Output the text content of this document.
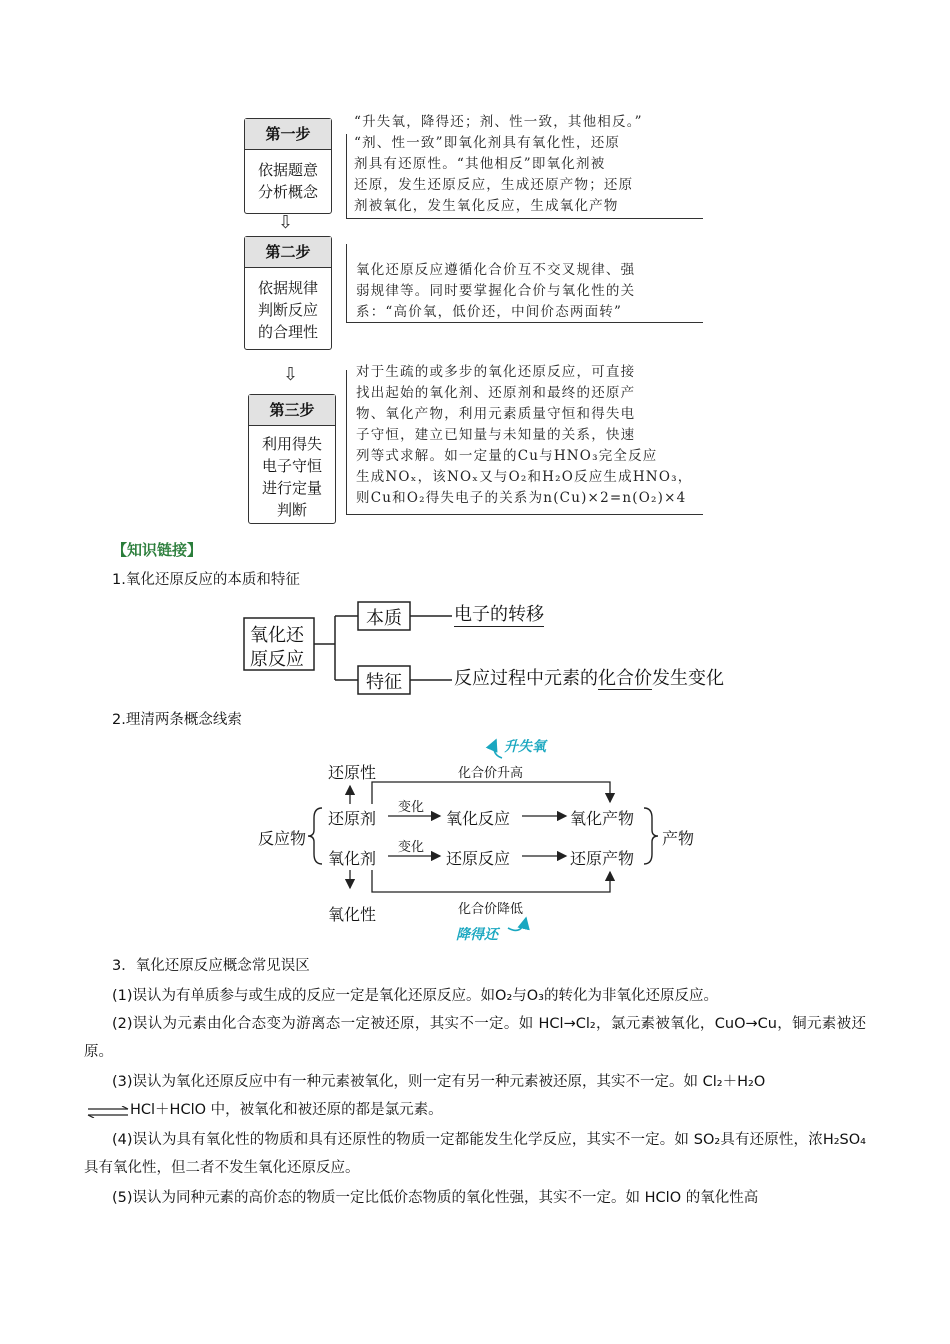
第一步
依据题意
分析概念
“升失氧，降得还；剂、性一致，其他相反。”
“剂、性一致”即氧化剂具有氧化性，还原
剂具有还原性。“其他相反”即氧化剂被
还原，发生还原反应，生成还原产物；还原
剂被氧化，发生氧化反应，生成氧化产物
⇩
第二步
依据规律
判断反应
的合理性
氧化还原反应遵循化合价互不交叉规律、强
弱规律等。同时要掌握化合价与氧化性的关
系：“高价氧，低价还，中间价态两面转”
⇩
第三步
利用得失
电子守恒
进行定量
判断
对于生疏的或多步的氧化还原反应，可直接
找出起始的氧化剂、还原剂和最终的还原产
物、氧化产物，利用元素质量守恒和得失电
子守恒，建立已知量与未知量的关系，快速
列等式求解。如一定量的Cu与HNO₃完全反应
生成NOₓ，该NOₓ又与O₂和H₂O反应生成HNO₃，
则Cu和O₂得失电子的关系为n(Cu)×2=n(O₂)×4
【知识链接】
1.氧化还原反应的本质和特征
氧化还
原反应
本质
特征
电子的转移
反应过程中元素的化合价发生变化
2.理清两条概念线索
还原性	化合价升高
升失氧
反应物
还原剂
变化
氧化反应	氧化产物
产物
氧化剂
变化
还原反应	还原产物
氧化性	化合价降低
降得还
3．氧化还原反应概念常见误区
(1)误认为有单质参与或生成的反应一定是氧化还原反应。如O₂与O₃的转化为非氧化还原反应。
(2)误认为元素由化合态变为游离态一定被还原，其实不一定。如 HCl→Cl₂，氯元素被氧化，CuO→Cu，铜元素被还原。
(3)误认为氧化还原反应中有一种元素被氧化，则一定有另一种元素被还原，其实不一定。如 Cl₂＋H₂O
⇌ HCl＋HClO 中，被氧化和被还原的都是氯元素。
(4)误认为具有氧化性的物质和具有还原性的物质一定都能发生化学反应，其实不一定。如 SO₂具有还原性，浓H₂SO₄具有氧化性，但二者不发生氧化还原反应。
(5)误认为同种元素的高价态的物质一定比低价态物质的氧化性强，其实不一定。如 HClO 的氧化性高
